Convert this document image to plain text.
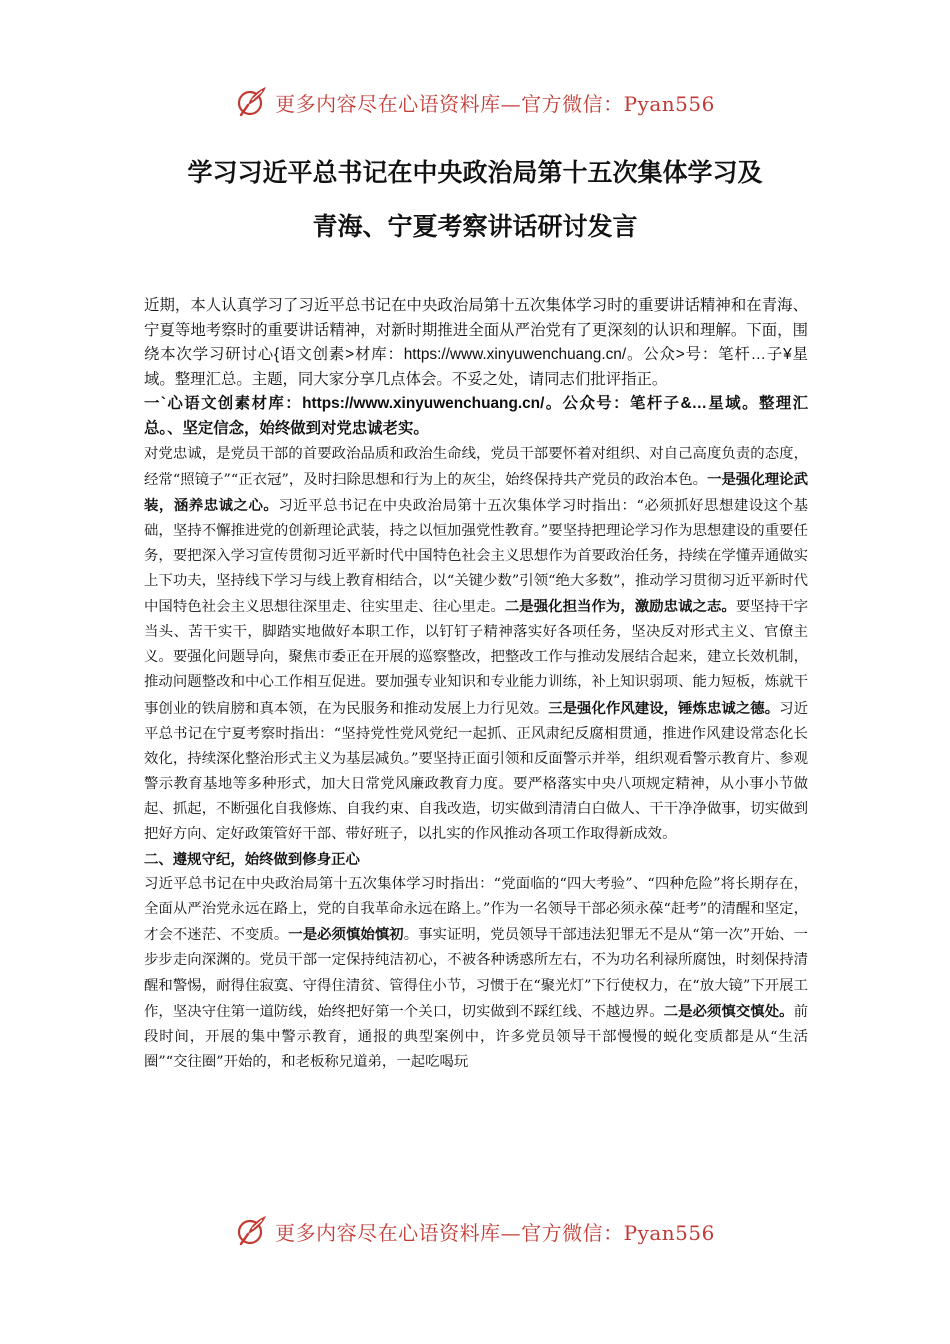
更多内容尽在心语资料库—官方微信：Pyan556
学习习近平总书记在中央政治局第十五次集体学习及
青海、宁夏考察讲话研讨发言

近期，本人认真学习了习近平总书记在中央政治局第十五次集体学习时的重要讲话精神和在青海、宁夏等地考察时的重要讲话精神，对新时期推进全面从严治党有了更深刻的认识和理解。下面，围绕本次学习研讨心{语文创素>材库：https://www.xinyuwenchuang.cn/。公众>号：笔杆…子¥星域。整理汇总。主题，同大家分享几点体会。不妥之处，请同志们批评指正。

一`心语文创素材库：https://www.xinyuwenchuang.cn/。公众号：笔杆子&…星域。整理汇总。、坚定信念，始终做到对党忠诚老实。

对党忠诚，是党员干部的首要政治品质和政治生命线，党员干部要怀着对组织、对自己高度负责的态度，经常“照镜子”“正衣冠”，及时扫除思想和行为上的灰尘，始终保持共产党员的政治本色。一是强化理论武装，涵养忠诚之心。习近平总书记在中央政治局第十五次集体学习时指出：“必须抓好思想建设这个基础，坚持不懈推进党的创新理论武装，持之以恒加强党性教育。”要坚持把理论学习作为思想建设的重要任务，要把深入学习宣传贯彻习近平新时代中国特色社会主义思想作为首要政治任务，持续在学懂弄通做实上下功夫，坚持线下学习与线上教育相结合，以“关键少数”引领“绝大多数”，推动学习贯彻习近平新时代中国特色社会主义思想往深里走、往实里走、往心里走。二是强化担当作为，激励忠诚之志。要坚持干字当头、苦干实干，脚踏实地做好本职工作，以钉钉子精神落实好各项任务，坚决反对形式主义、官僚主义。要强化问题导向，聚焦市委正在开展的巡察整改，把整改工作与推动发展结合起来，建立长效机制，推动问题整改和中心工作相互促进。要加强专业知识和专业能力训练，补上知识弱项、能力短板，炼就干事创业的铁肩膀和真本领，在为民服务和推动发展上力行见效。三是强化作风建设，锤炼忠诚之德。习近平总书记在宁夏考察时指出：“坚持党性党风党纪一起抓、正风肃纪反腐相贯通，推进作风建设常态化长效化，持续深化整治形式主义为基层减负。”要坚持正面引领和反面警示并举，组织观看警示教育片、参观警示教育基地等多种形式，加大日常党风廉政教育力度。要严格落实中央八项规定精神，从小事小节做起、抓起，不断强化自我修炼、自我约束、自我改造，切实做到清清白白做人、干干净净做事，切实做到把好方向、定好政策管好干部、带好班子，以扎实的作风推动各项工作取得新成效。

二、遵规守纪，始终做到修身正心

习近平总书记在中央政治局第十五次集体学习时指出：“党面临的“四大考验”、“四种危险”将长期存在，全面从严治党永远在路上，党的自我革命永远在路上。”作为一名领导干部必须永葆“赶考”的清醒和坚定，才会不迷茫、不变质。一是必须慎始慎初。事实证明，党员领导干部违法犯罪无不是从“第一次”开始、一步步走向深渊的。党员干部一定保持纯洁初心，不被各种诱惑所左右，不为功名利禄所腐蚀，时刻保持清醒和警惕，耐得住寂寞、守得住清贫、管得住小节，习惯于在“聚光灯”下行使权力，在“放大镜”下开展工作，坚决守住第一道防线，始终把好第一个关口，切实做到不踩红线、不越边界。二是必须慎交慎处。前段时间，开展的集中警示教育，通报的典型案例中，许多党员领导干部慢慢的蜕化变质都是从“生活圈”“交往圈”开始的，和老板称兄道弟，一起吃喝玩

更多内容尽在心语资料库—官方微信：Pyan556
